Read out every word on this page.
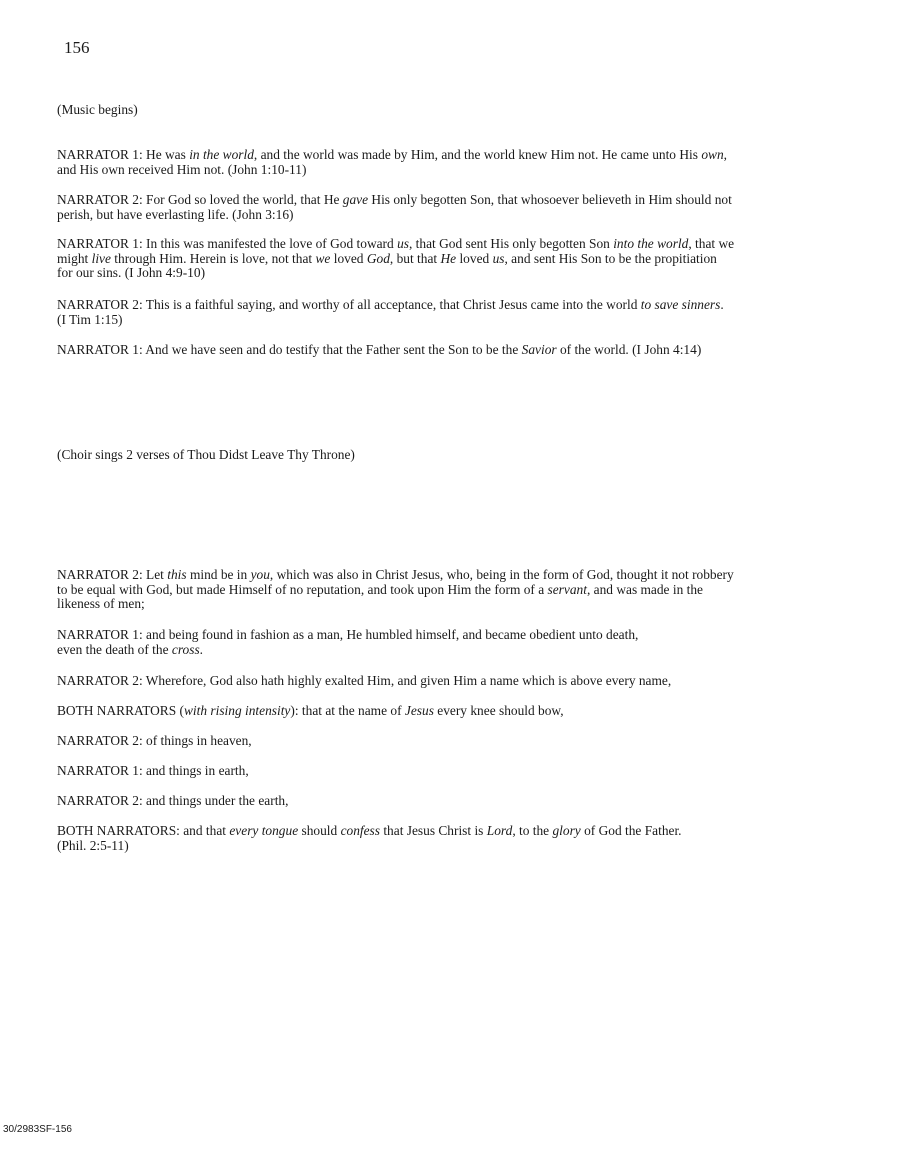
156
(Music begins)
NARRATOR 1: He was in the world, and the world was made by Him, and the world knew Him not. He came unto His own,
and His own received Him not. (John 1:10-11)
NARRATOR 2: For God so loved the world, that He gave His only begotten Son, that whosoever believeth in Him should not
perish, but have everlasting life. (John 3:16)
NARRATOR 1: In this was manifested the love of God toward us, that God sent His only begotten Son into the world, that we
might live through Him. Herein is love, not that we loved God, but that He loved us, and sent His Son to be the propitiation
for our sins. (I John 4:9-10)
NARRATOR 2: This is a faithful saying, and worthy of all acceptance, that Christ Jesus came into the world to save sinners.
(I Tim 1:15)
NARRATOR 1: And we have seen and do testify that the Father sent the Son to be the Savior of the world. (I John 4:14)
(Choir sings 2 verses of Thou Didst Leave Thy Throne)
NARRATOR 2: Let this mind be in you, which was also in Christ Jesus, who, being in the form of God, thought it not robbery
to be equal with God, but made Himself of no reputation, and took upon Him the form of a servant, and was made in the
likeness of men;
NARRATOR 1: and being found in fashion as a man, He humbled himself, and became obedient unto death,
even the death of the cross.
NARRATOR 2: Wherefore, God also hath highly exalted Him, and given Him a name which is above every name,
BOTH NARRATORS (with rising intensity): that at the name of Jesus every knee should bow,
NARRATOR 2: of things in heaven,
NARRATOR 1: and things in earth,
NARRATOR 2: and things under the earth,
BOTH NARRATORS: and that every tongue should confess that Jesus Christ is Lord, to the glory of God the Father.
(Phil. 2:5-11)
30/2983SF-156
